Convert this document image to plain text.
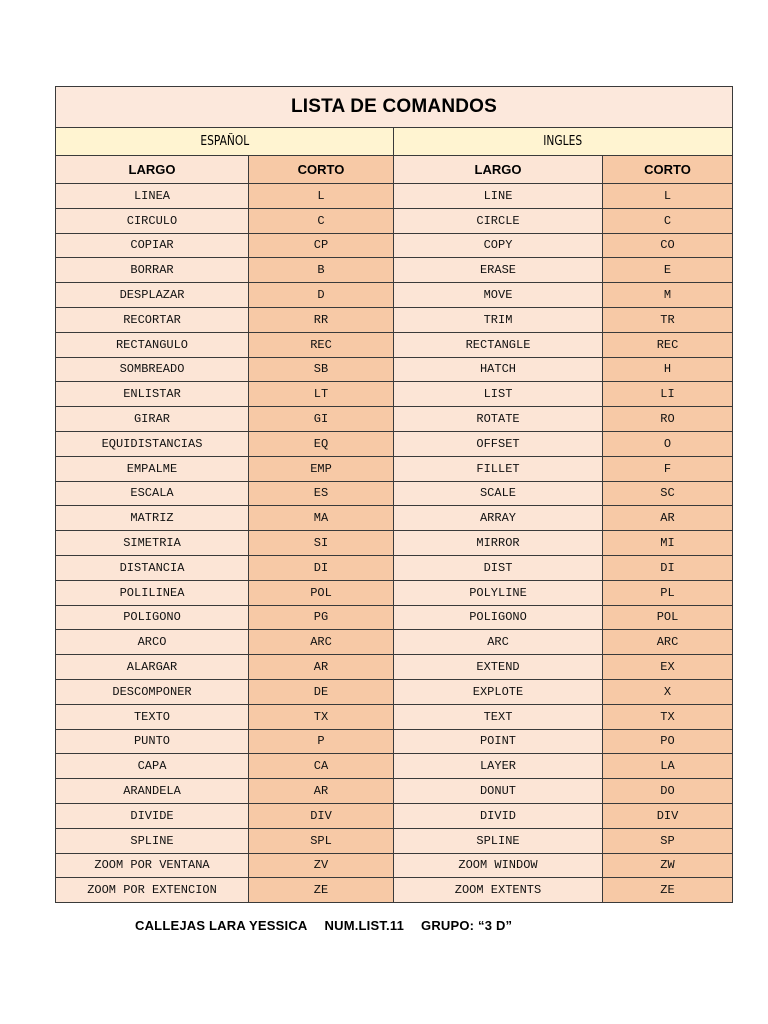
LISTA DE COMANDOS			
ESPAÑOL		INGLES	
LARGO	CORTO	LARGO	CORTO
LINEA	L	LINE	L
CIRCULO	C	CIRCLE	C
COPIAR	CP	COPY	CO
BORRAR	B	ERASE	E
DESPLAZAR	D	MOVE	M
RECORTAR	RR	TRIM	TR
RECTANGULO	REC	RECTANGLE	REC
SOMBREADO	SB	HATCH	H
ENLISTAR	LT	LIST	LI
GIRAR	GI	ROTATE	RO
EQUIDISTANCIAS	EQ	OFFSET	O
EMPALME	EMP	FILLET	F
ESCALA	ES	SCALE	SC
MATRIZ	MA	ARRAY	AR
SIMETRIA	SI	MIRROR	MI
DISTANCIA	DI	DIST	DI
POLILINEA	POL	POLYLINE	PL
POLIGONO	PG	POLIGONO	POL
ARCO	ARC	ARC	ARC
ALARGAR	AR	EXTEND	EX
DESCOMPONER	DE	EXPLOTE	X
TEXTO	TX	TEXT	TX
PUNTO	P	POINT	PO
CAPA	CA	LAYER	LA
ARANDELA	AR	DONUT	DO
DIVIDE	DIV	DIVID	DIV
SPLINE	SPL	SPLINE	SP
ZOOM POR VENTANA	ZV	ZOOM WINDOW	ZW
ZOOM POR EXTENCION	ZE	ZOOM EXTENTS	ZE
CALLEJAS LARA YESSICA NUM.LIST.11 GRUPO: “3 D”
